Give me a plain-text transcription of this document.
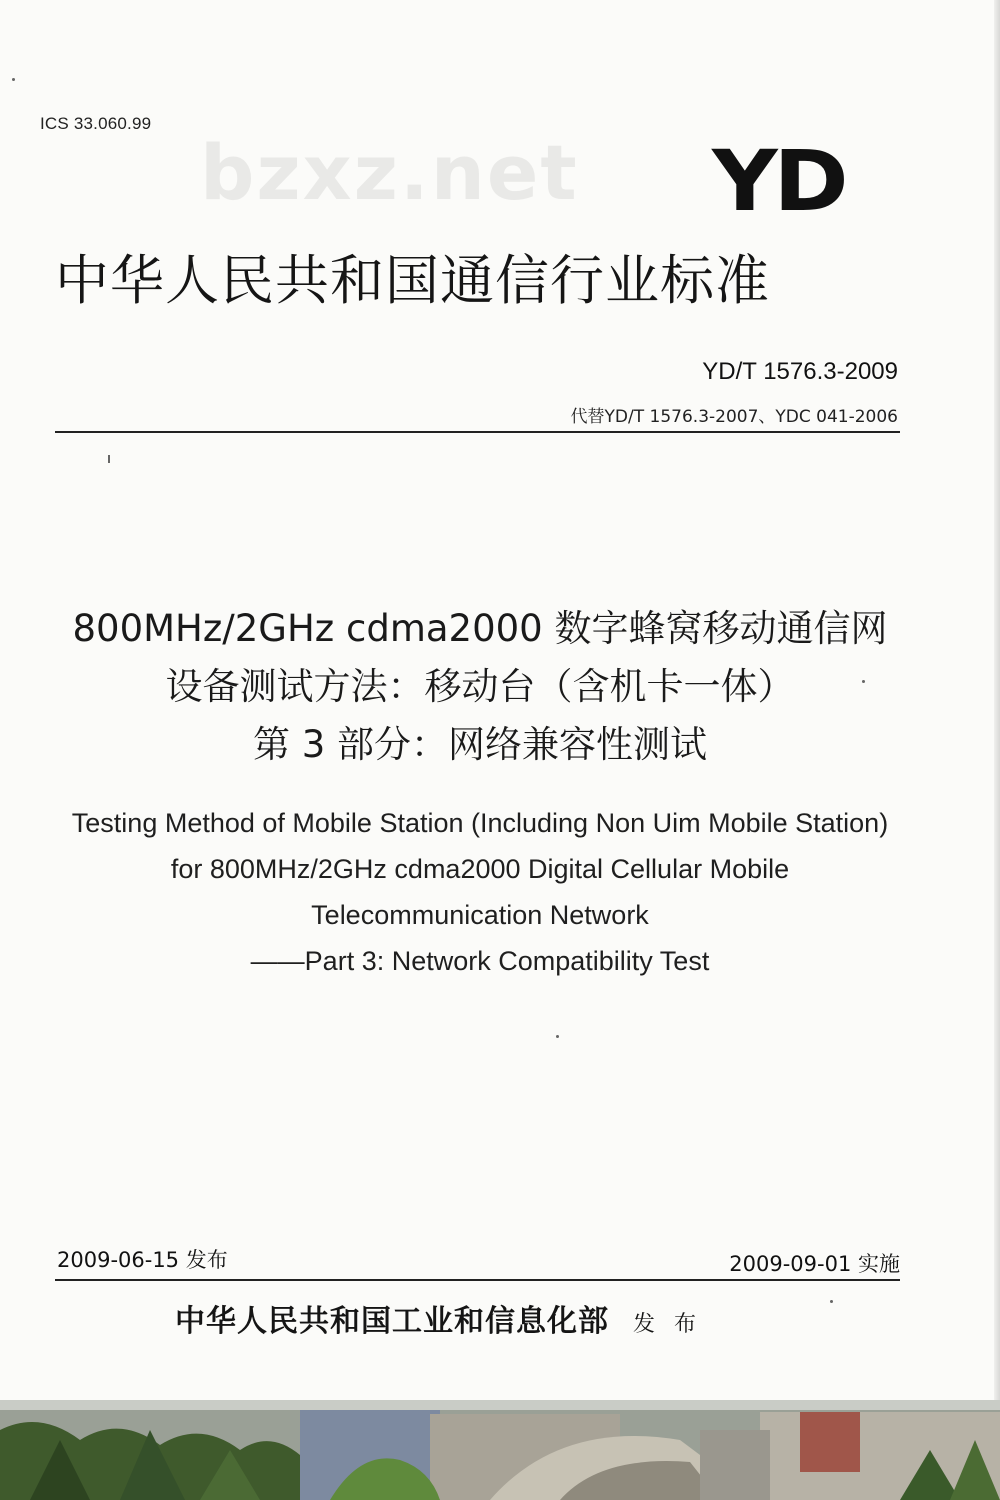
ICS 33.060.99
bzxz.net YD
中华人民共和国通信行业标准
YD/T 1576.3-2009
代替YD/T 1576.3-2007、YDC 041-2006
800MHz/2GHz cdma2000 数字蜂窝移动通信网
设备测试方法：移动台（含机卡一体）
第 3 部分：网络兼容性测试
Testing Method of Mobile Station (Including Non Uim Mobile Station)
for 800MHz/2GHz cdma2000 Digital Cellular Mobile
Telecommunication Network
——Part 3: Network Compatibility Test
2009-06-15 发布	2009-09-01 实施
中华人民共和国工业和信息化部 发 布
